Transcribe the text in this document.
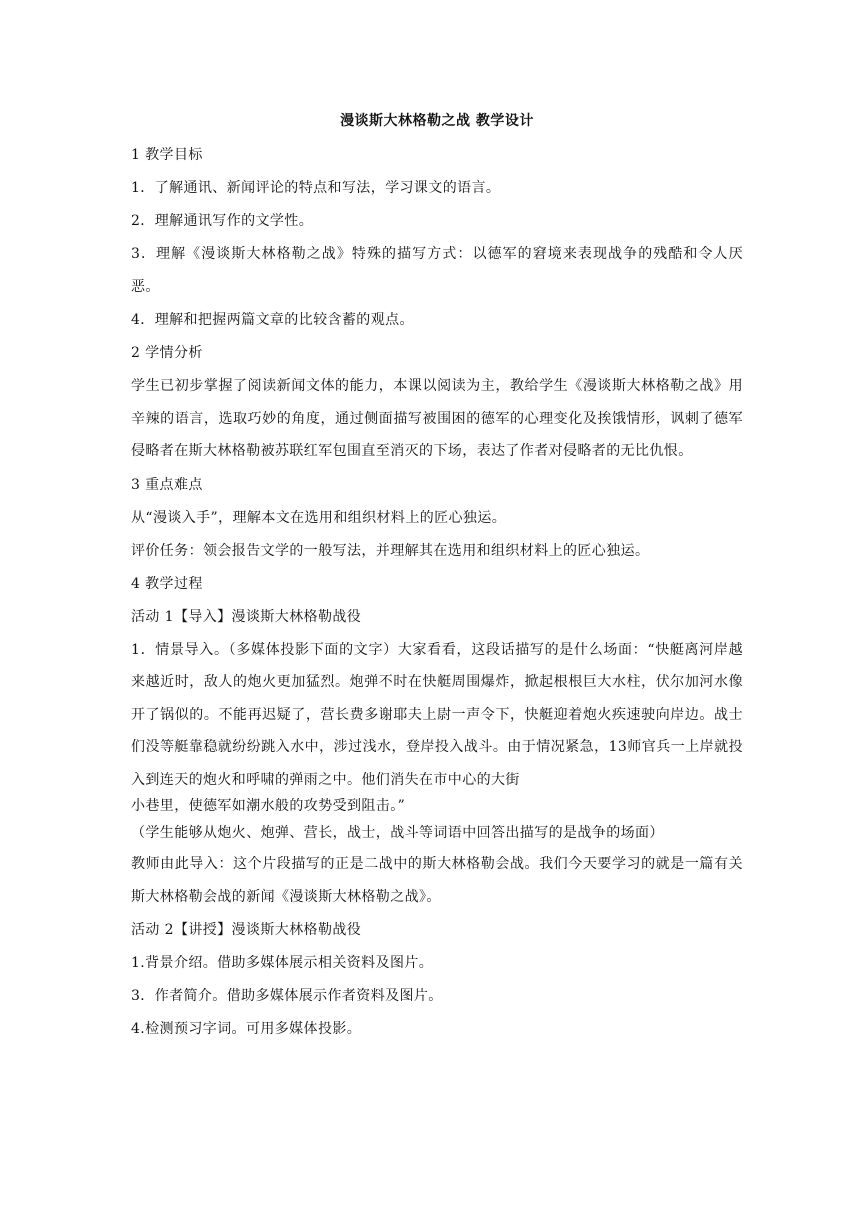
漫谈斯大林格勒之战 教学设计

1 教学目标

1．了解通讯、新闻评论的特点和写法，学习课文的语言。

2．理解通讯写作的文学性。

3．理解《漫谈斯大林格勒之战》特殊的描写方式：以德军的窘境来表现战争的残酷和令人厌恶。

4．理解和把握两篇文章的比较含蓄的观点。

2 学情分析

学生已初步掌握了阅读新闻文体的能力，本课以阅读为主，教给学生《漫谈斯大林格勒之战》用辛辣的语言，选取巧妙的角度，通过侧面描写被围困的德军的心理变化及挨饿情形，讽刺了德军侵略者在斯大林格勒被苏联红军包围直至消灭的下场，表达了作者对侵略者的无比仇恨。

3 重点难点

从“漫谈入手”，理解本文在选用和组织材料上的匠心独运。

评价任务：领会报告文学的一般写法，并理解其在选用和组织材料上的匠心独运。

4 教学过程

活动 1【导入】漫谈斯大林格勒战役

1．情景导入。（多媒体投影下面的文字）大家看看，这段话描写的是什么场面：“快艇离河岸越来越近时，敌人的炮火更加猛烈。炮弹不时在快艇周围爆炸，掀起根根巨大水柱，伏尔加河水像开了锅似的。不能再迟疑了，营长费多谢耶夫上尉一声令下，快艇迎着炮火疾速驶向岸边。战士们没等艇靠稳就纷纷跳入水中，涉过浅水，登岸投入战斗。由于情况紧急，13师官兵一上岸就投入到连天的炮火和呼啸的弹雨之中。他们消失在市中心的大街

小巷里，使德军如潮水般的攻势受到阻击。”

（学生能够从炮火、炮弹、营长，战士，战斗等词语中回答出描写的是战争的场面）

教师由此导入：这个片段描写的正是二战中的斯大林格勒会战。我们今天要学习的就是一篇有关斯大林格勒会战的新闻《漫谈斯大林格勒之战》。

活动 2【讲授】漫谈斯大林格勒战役

1.背景介绍。借助多媒体展示相关资料及图片。

3．作者简介。借助多媒体展示作者资料及图片。

4.检测预习字词。可用多媒体投影。
